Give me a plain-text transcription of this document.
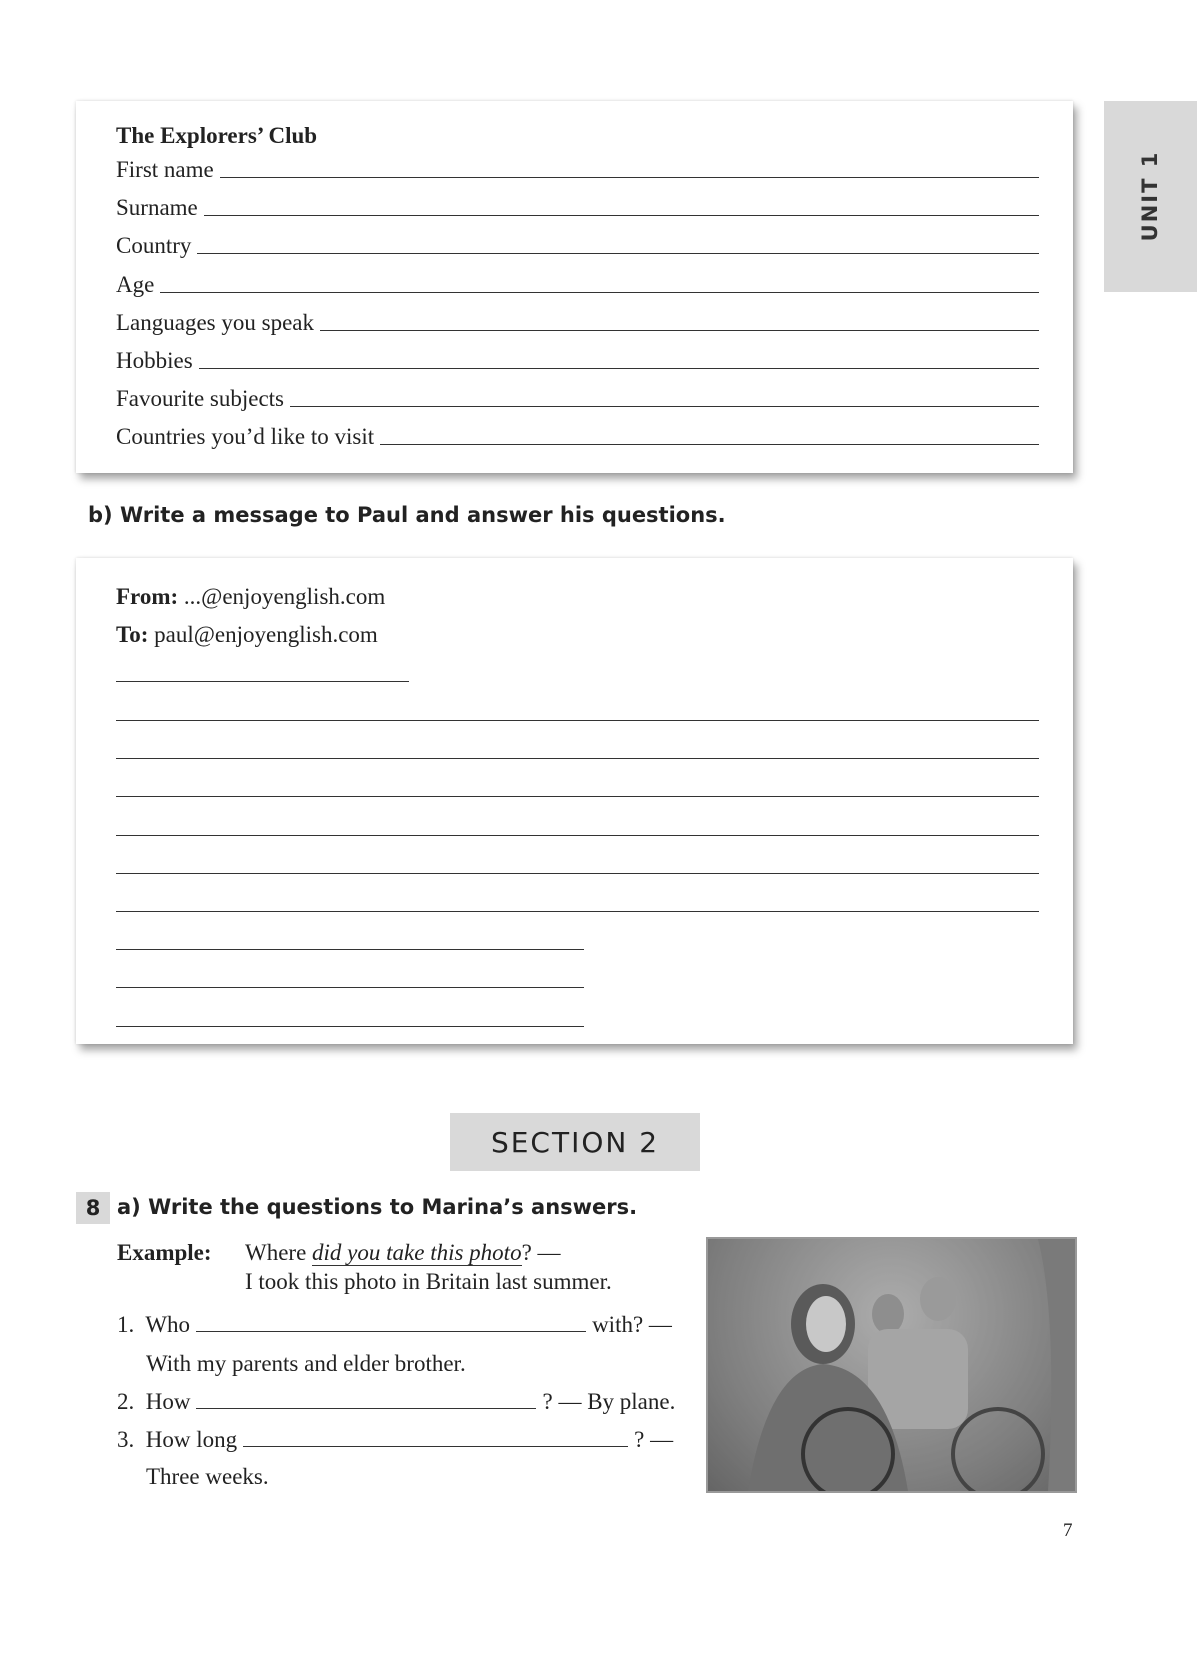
UNIT 1
The Explorers’ Club
First name
Surname
Country
Age
Languages you speak
Hobbies
Favourite subjects
Countries you’d like to visit
b) Write a message to Paul and answer his questions.
From: ...@enjoyenglish.com
To: paul@enjoyenglish.com
SECTION 2
8 a) Write the questions to Marina’s answers.
Example: Where did you take this photo? —
I took this photo in Britain last summer.
1. Who	with? —
With my parents and elder brother.
2. How	? — By plane.
3. How long	? —
Three weeks.
7
